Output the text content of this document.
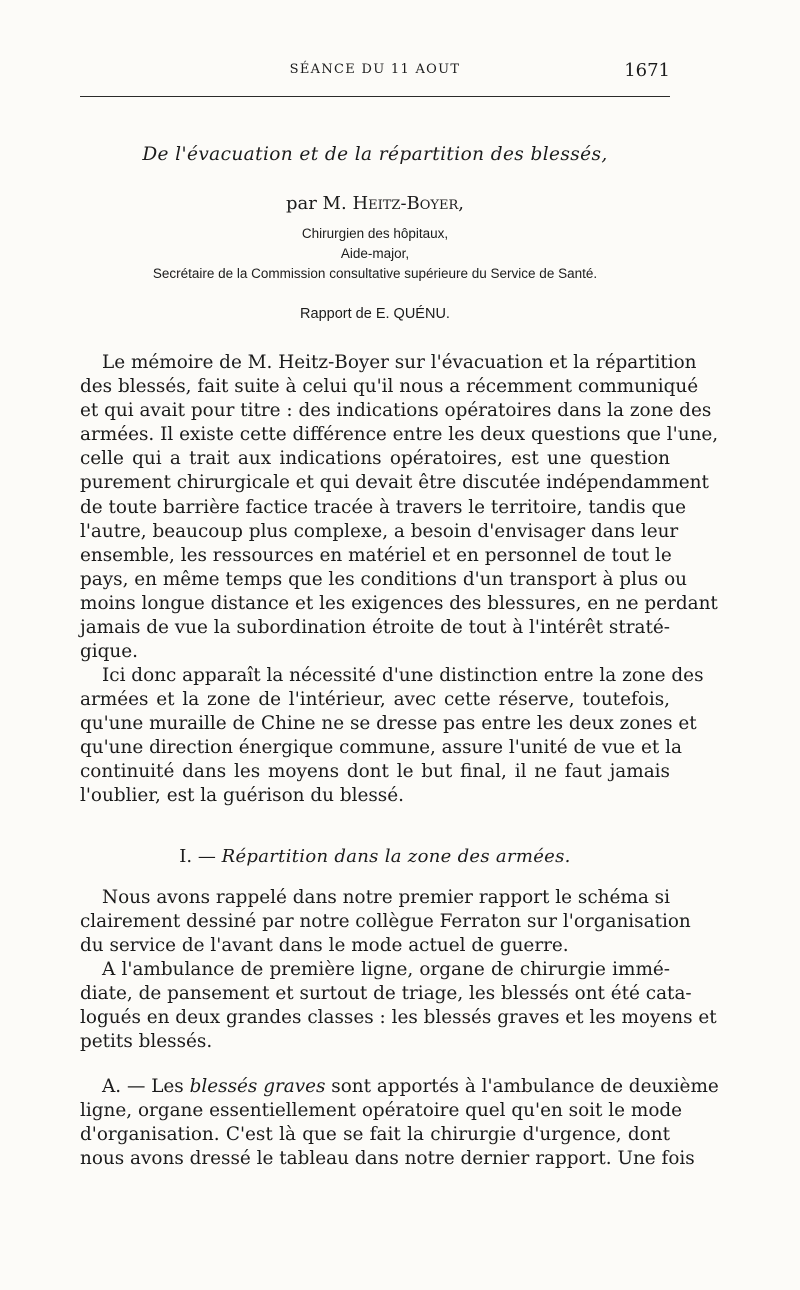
SÉANCE DU 11 AOUT	1671
De l'évacuation et de la répartition des blessés,
par M. Heitz-Boyer,
Chirurgien des hôpitaux,
Aide-major,
Secrétaire de la Commission consultative supérieure du Service de Santé.
Rapport de E. QUÉNU.
Le mémoire de M. Heitz-Boyer sur l'évacuation et la répartition
des blessés, fait suite à celui qu'il nous a récemment communiqué
et qui avait pour titre : des indications opératoires dans la zone des
armées. Il existe cette différence entre les deux questions que l'une,
celle qui a trait aux indications opératoires, est une question
purement chirurgicale et qui devait être discutée indépendamment
de toute barrière factice tracée à travers le territoire, tandis que
l'autre, beaucoup plus complexe, a besoin d'envisager dans leur
ensemble, les ressources en matériel et en personnel de tout le
pays, en même temps que les conditions d'un transport à plus ou
moins longue distance et les exigences des blessures, en ne perdant
jamais de vue la subordination étroite de tout à l'intérêt straté-
gique.
Ici donc apparaît la nécessité d'une distinction entre la zone des
armées et la zone de l'intérieur, avec cette réserve, toutefois,
qu'une muraille de Chine ne se dresse pas entre les deux zones et
qu'une direction énergique commune, assure l'unité de vue et la
continuité dans les moyens dont le but final, il ne faut jamais
l'oublier, est la guérison du blessé.
I. — Répartition dans la zone des armées.
Nous avons rappelé dans notre premier rapport le schéma si
clairement dessiné par notre collègue Ferraton sur l'organisation
du service de l'avant dans le mode actuel de guerre.
A l'ambulance de première ligne, organe de chirurgie immé-
diate, de pansement et surtout de triage, les blessés ont été cata-
logués en deux grandes classes : les blessés graves et les moyens et
petits blessés.
A. — Les blessés graves sont apportés à l'ambulance de deuxième
ligne, organe essentiellement opératoire quel qu'en soit le mode
d'organisation. C'est là que se fait la chirurgie d'urgence, dont
nous avons dressé le tableau dans notre dernier rapport. Une fois
